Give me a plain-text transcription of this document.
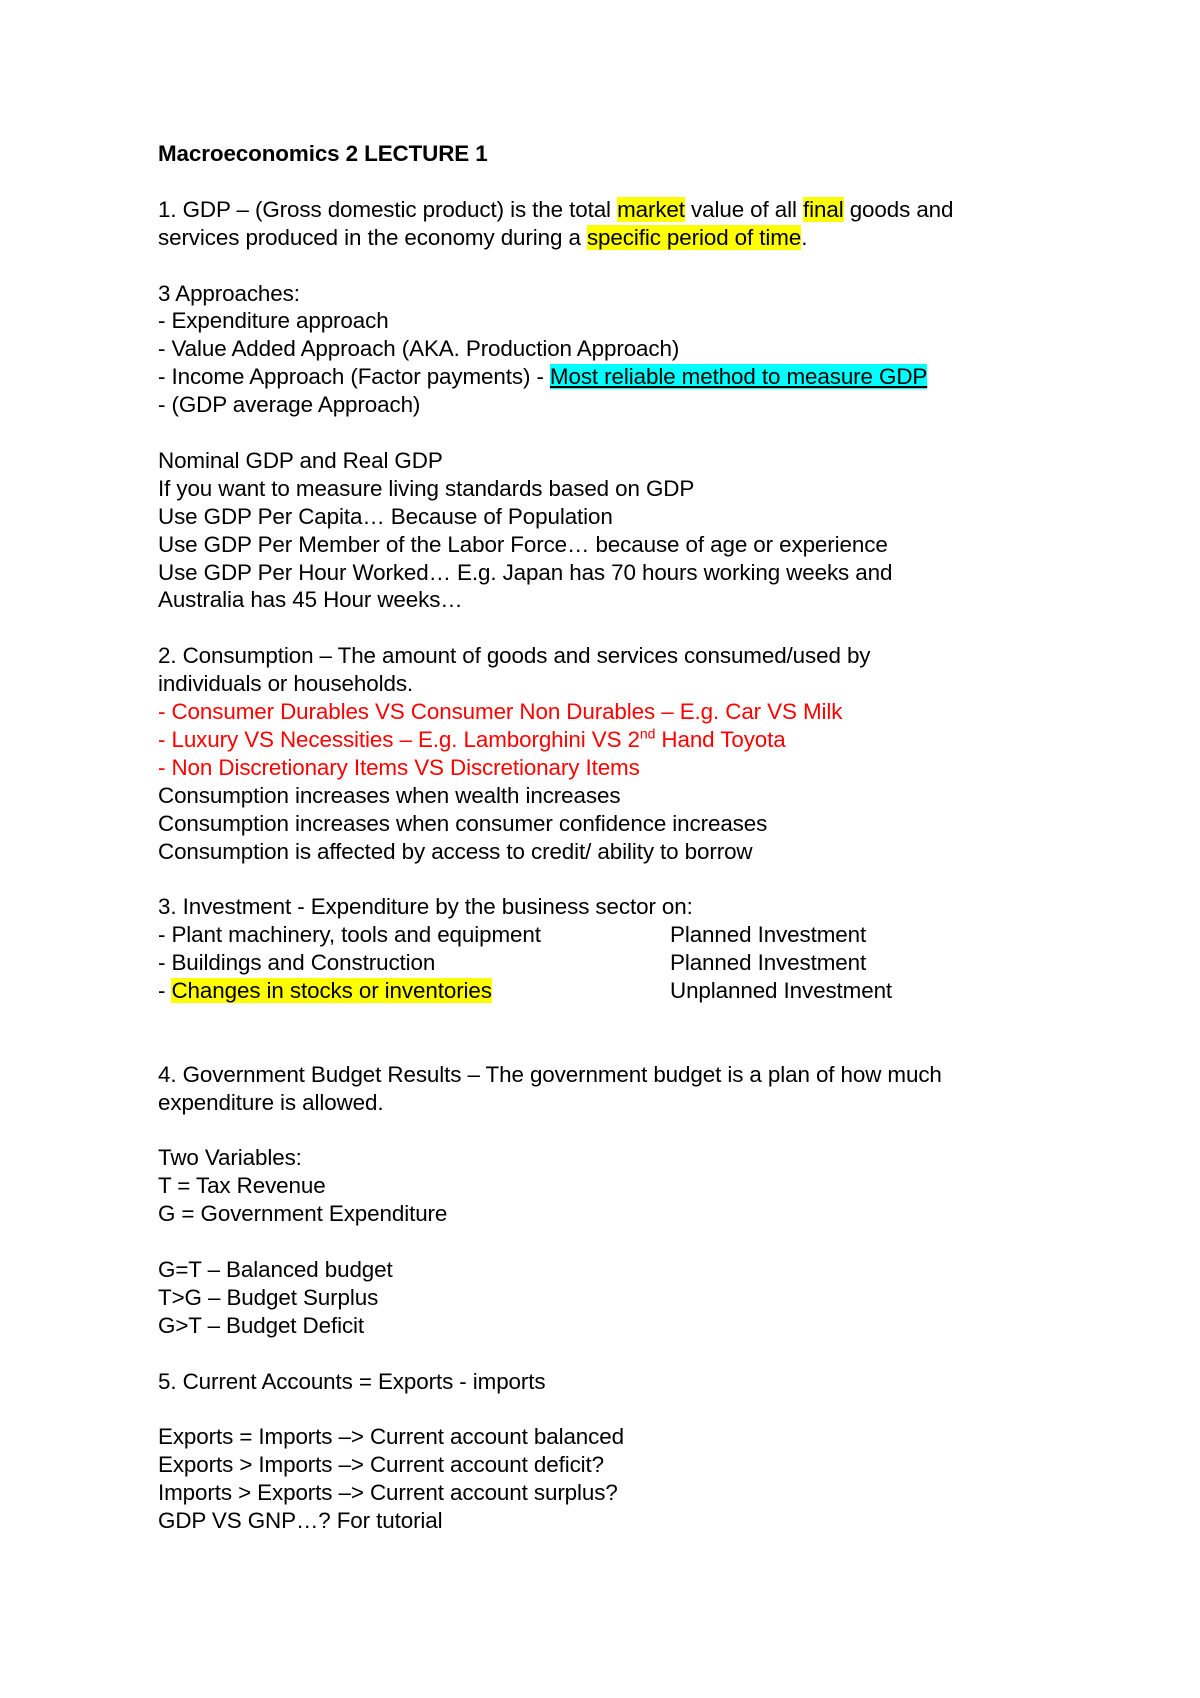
Macroeconomics 2 LECTURE 1
1. GDP – (Gross domestic product) is the total market value of all final goods and
services produced in the economy during a specific period of time.
3 Approaches:
- Expenditure approach
- Value Added Approach (AKA. Production Approach)
- Income Approach (Factor payments) - Most reliable method to measure GDP
- (GDP average Approach)
Nominal GDP and Real GDP
If you want to measure living standards based on GDP
Use GDP Per Capita… Because of Population
Use GDP Per Member of the Labor Force… because of age or experience
Use GDP Per Hour Worked… E.g. Japan has 70 hours working weeks and
Australia has 45 Hour weeks…
2. Consumption – The amount of goods and services consumed/used by
individuals or households.
- Consumer Durables VS Consumer Non Durables – E.g. Car VS Milk
- Luxury VS Necessities – E.g. Lamborghini VS 2nd Hand Toyota
- Non Discretionary Items VS Discretionary Items
Consumption increases when wealth increases
Consumption increases when consumer confidence increases
Consumption is affected by access to credit/ ability to borrow
3. Investment - Expenditure by the business sector on:
- Plant machinery, tools and equipment	Planned Investment
- Buildings and Construction	Planned Investment
- Changes in stocks or inventories	Unplanned Investment
4. Government Budget Results – The government budget is a plan of how much
expenditure is allowed.
Two Variables:
T = Tax Revenue
G = Government Expenditure
G=T – Balanced budget
T>G – Budget Surplus
G>T – Budget Deficit
5. Current Accounts = Exports - imports
Exports = Imports –> Current account balanced
Exports > Imports –> Current account deficit?
Imports > Exports –> Current account surplus?
GDP VS GNP…? For tutorial
